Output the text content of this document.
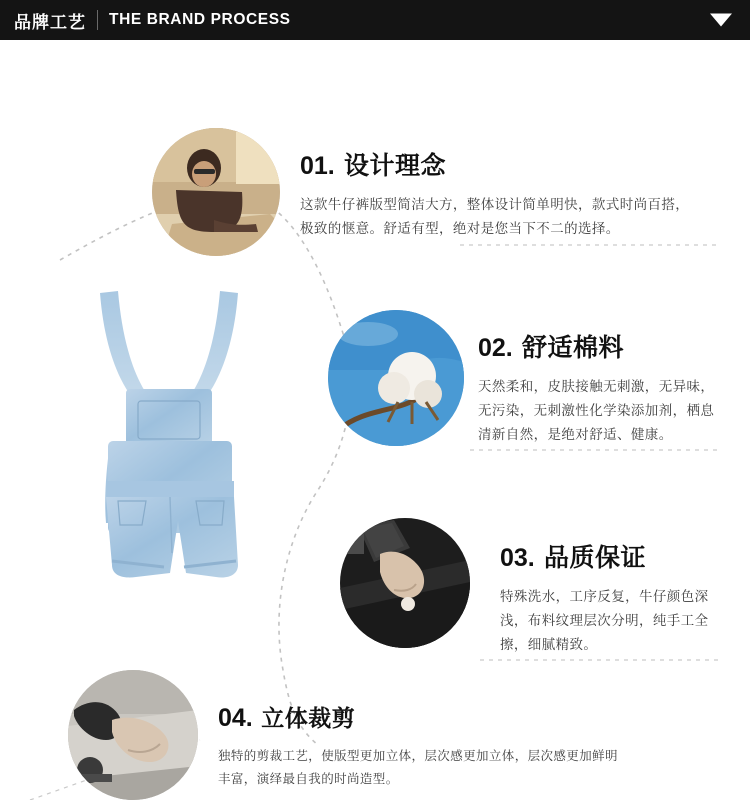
品牌工艺 THE BRAND PROCESS
01. 设计理念

这款牛仔裤版型简洁大方，整体设计简单明快，款式时尚百搭，极致的惬意。舒适有型，绝对是您当下不二的选择。

02. 舒适棉料

天然柔和，皮肤接触无刺激，无异味，无污染，无刺激性化学染添加剂，栖息清新自然，是绝对舒适、健康。

03. 品质保证

特殊洗水，工序反复，牛仔颜色深浅，布料纹理层次分明，纯手工全擦，细腻精致。

04. 立体裁剪

独特的剪裁工艺，使版型更加立体，层次感更加立体，层次感更加鲜明丰富，演绎最自我的时尚造型。
